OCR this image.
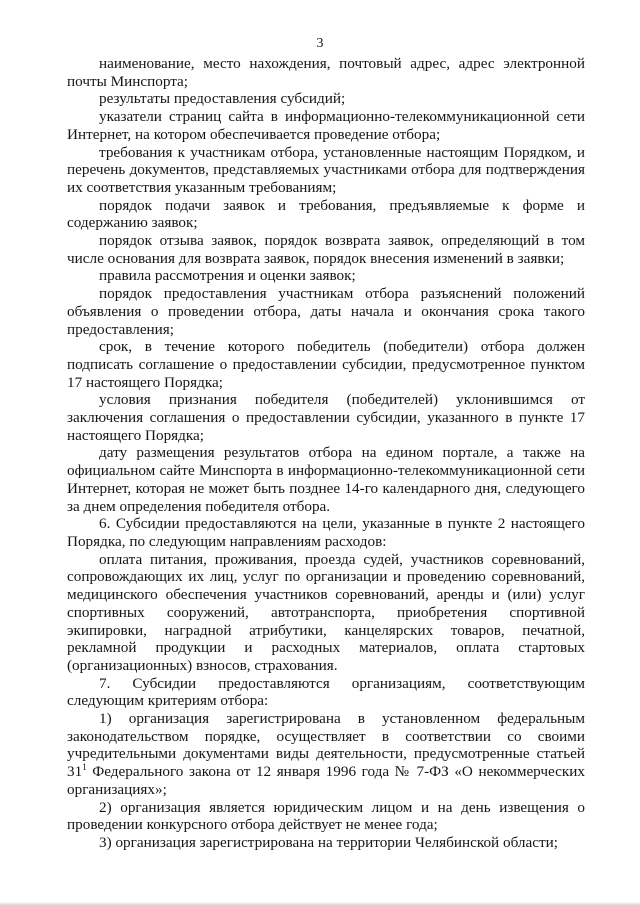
3

наименование, место нахождения, почтовый адрес, адрес электронной почты Минспорта;

результаты предоставления субсидий;

указатели страниц сайта в информационно-телекоммуникационной сети Интернет, на котором обеспечивается проведение отбора;

требования к участникам отбора, установленные настоящим Порядком, и перечень документов, представляемых участниками отбора для подтверждения их соответствия указанным требованиям;

порядок подачи заявок и требования, предъявляемые к форме и содержанию заявок;

порядок отзыва заявок, порядок возврата заявок, определяющий в том числе основания для возврата заявок, порядок внесения изменений в заявки;

правила рассмотрения и оценки заявок;

порядок предоставления участникам отбора разъяснений положений объявления о проведении отбора, даты начала и окончания срока такого предоставления;

срок, в течение которого победитель (победители) отбора должен подписать соглашение о предоставлении субсидии, предусмотренное пунктом 17 настоящего Порядка;

условия признания победителя (победителей) уклонившимся от заключения соглашения о предоставлении субсидии, указанного в пункте 17 настоящего Порядка;

дату размещения результатов отбора на едином портале, а также на официальном сайте Минспорта в информационно-телекоммуникационной сети Интернет, которая не может быть позднее 14-го календарного дня, следующего за днем определения победителя отбора.

6. Субсидии предоставляются на цели, указанные в пункте 2 настоящего Порядка, по следующим направлениям расходов:

оплата питания, проживания, проезда судей, участников соревнований, сопровождающих их лиц, услуг по организации и проведению соревнований, медицинского обеспечения участников соревнований, аренды и (или) услуг спортивных сооружений, автотранспорта, приобретения спортивной экипировки, наградной атрибутики, канцелярских товаров, печатной, рекламной продукции и расходных материалов, оплата стартовых (организационных) взносов, страхования.

7. Субсидии предоставляются организациям, соответствующим следующим критериям отбора:

1) организация зарегистрирована в установленном федеральным законодательством порядке, осуществляет в соответствии со своими учредительными документами виды деятельности, предусмотренные статьей $31^1$ Федерального закона от 12 января 1996 года № 7-ФЗ «О некоммерческих организациях»;

2) организация является юридическим лицом и на день извещения о проведении конкурсного отбора действует не менее года;

3) организация зарегистрирована на территории Челябинской области;
